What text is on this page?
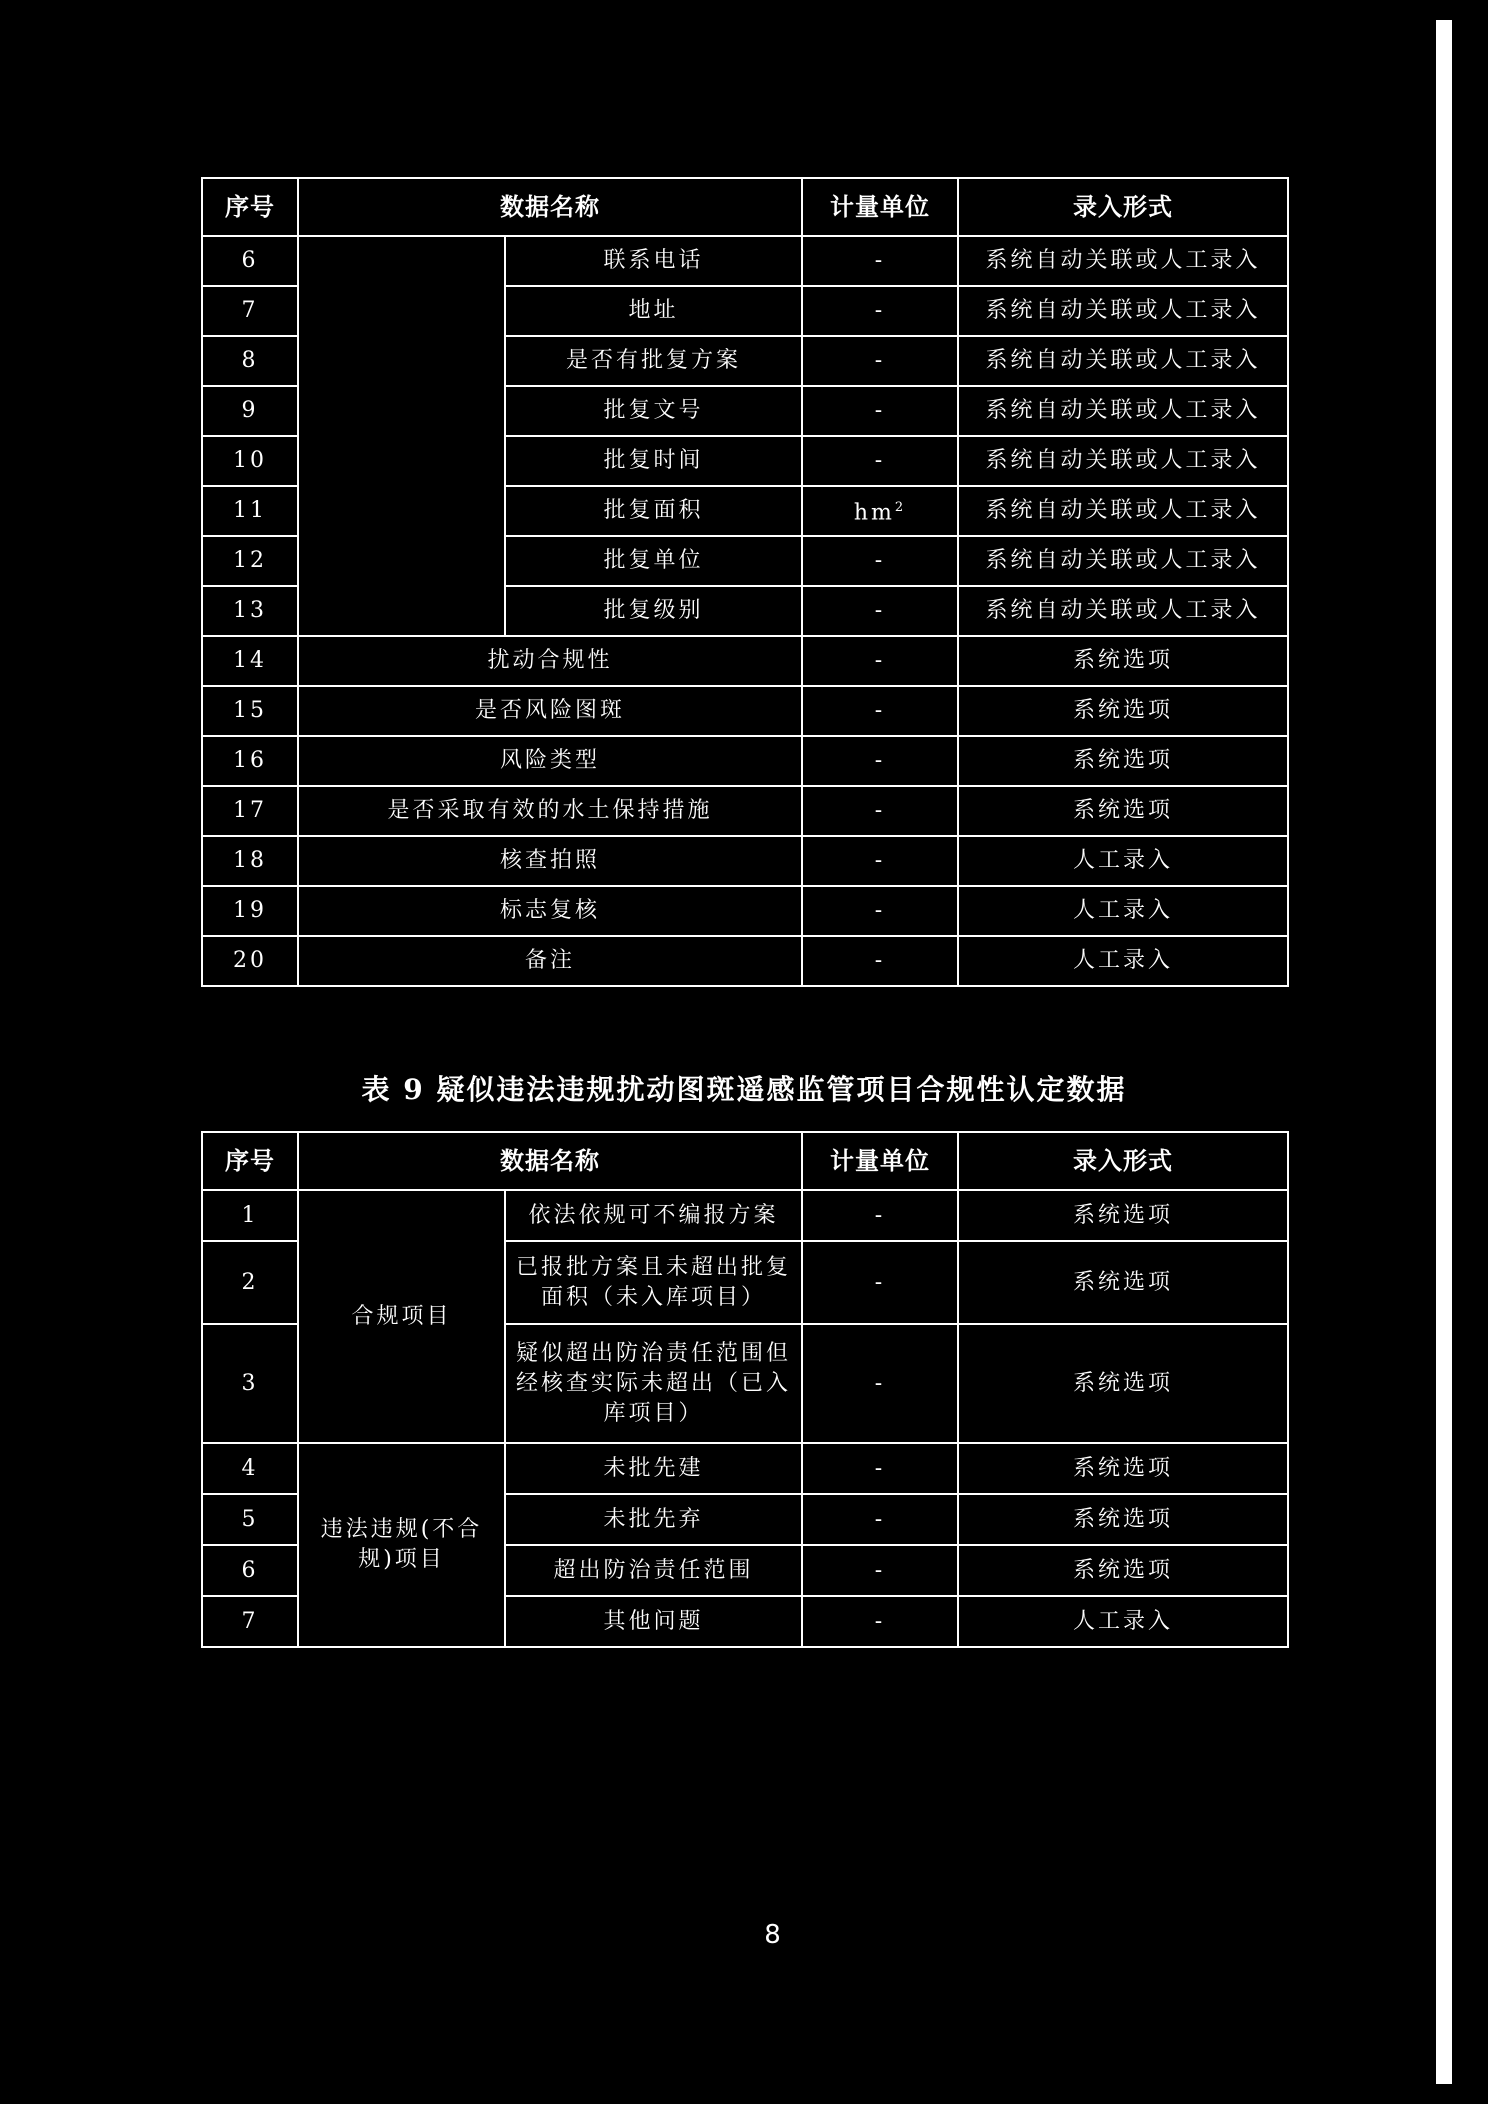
序号	数据名称		计量单位	录入形式
6		联系电话	-	系统自动关联或人工录入
7		地址	-	系统自动关联或人工录入
8		是否有批复方案	-	系统自动关联或人工录入
9		批复文号	-	系统自动关联或人工录入
10		批复时间	-	系统自动关联或人工录入
11		批复面积	$hm^2$	系统自动关联或人工录入
12		批复单位	-	系统自动关联或人工录入
13		批复级别	-	系统自动关联或人工录入
14	扰动合规性		-	系统选项
15	是否风险图斑		-	系统选项
16	风险类型		-	系统选项
17	是否采取有效的水土保持措施		-	系统选项
18	核查拍照		-	人工录入
19	标志复核		-	人工录入
20	备注		-	人工录入
表 9 疑似违法违规扰动图斑遥感监管项目合规性认定数据
序号	数据名称		计量单位	录入形式
1	合规项目	依法依规可不编报方案	-	系统选项
2		已报批方案且未超出批复面积（未入库项目）	-	系统选项
3		疑似超出防治责任范围但经核查实际未超出（已入库项目）	-	系统选项
4	违法违规(不合规)项目	未批先建	-	系统选项
5		未批先弃	-	系统选项
6		超出防治责任范围	-	系统选项
7		其他问题	-	人工录入
8
